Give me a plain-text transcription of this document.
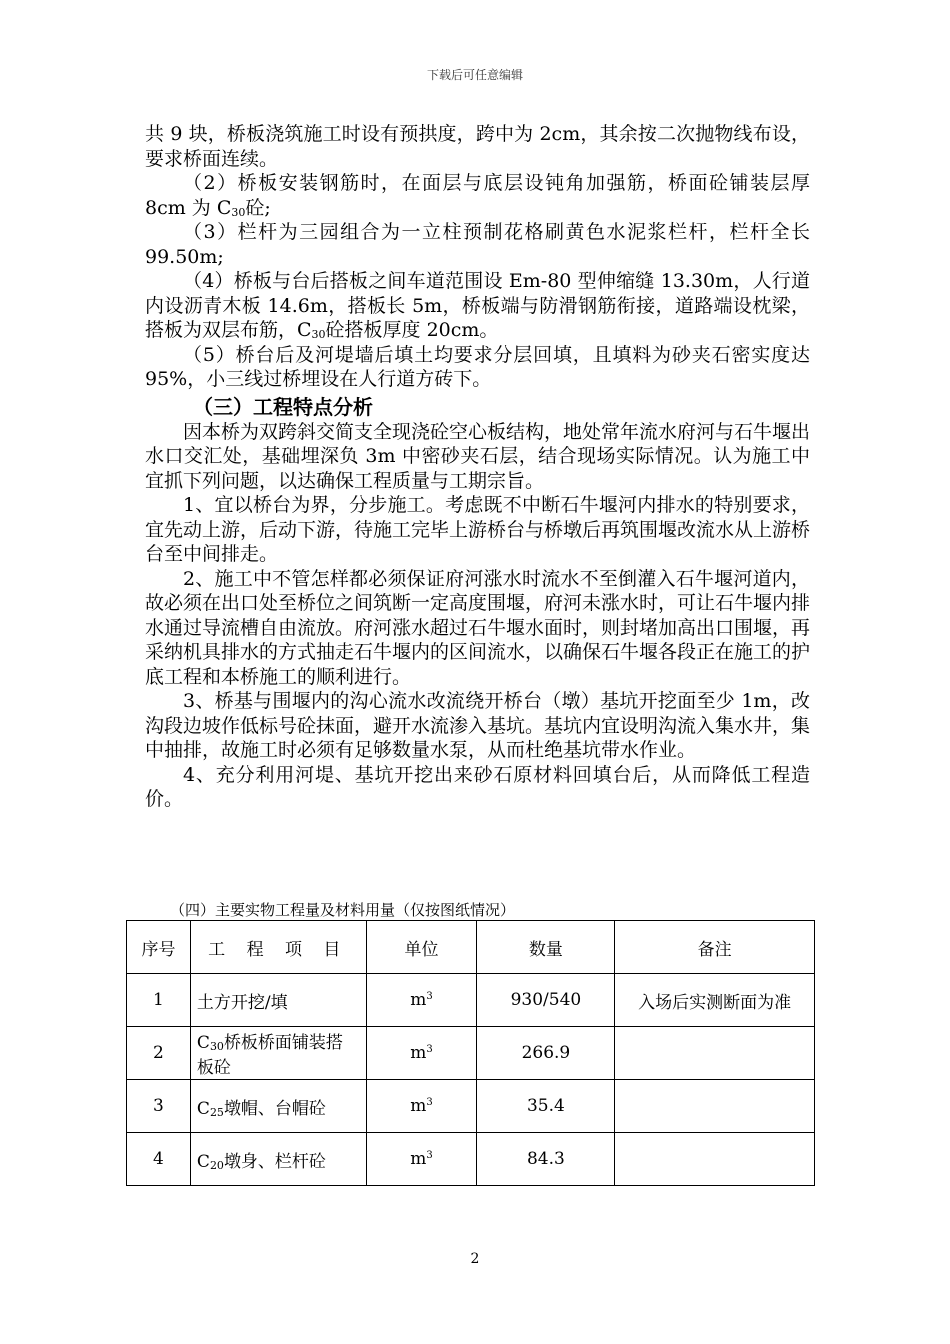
下载后可任意编辑

共 9 块，桥板浇筑施工时设有预拱度，跨中为 2cm，其余按二次抛物线布设，要求桥面连续。

（2）桥板安装钢筋时，在面层与底层设钝角加强筋，桥面砼铺装层厚 8cm 为 $C_{30}$砼;

（3）栏杆为三园组合为一立柱预制花格刷黄色水泥浆栏杆，栏杆全长 99.50m;

（4）桥板与台后搭板之间车道范围设 Em-80 型伸缩缝 13.30m，人行道内设沥青木板 14.6m，搭板长 5m，桥板端与防滑钢筋衔接，道路端设枕梁，搭板为双层布筋，$C_{30}$砼搭板厚度 20cm。

（5）桥台后及河堤墙后填土均要求分层回填，且填料为砂夹石密实度达 95%，小三线过桥埋设在人行道方砖下。

（三）工程特点分析

因本桥为双跨斜交简支全现浇砼空心板结构，地处常年流水府河与石牛堰出水口交汇处，基础埋深负 3m 中密砂夹石层，结合现场实际情况。认为施工中宜抓下列问题，以达确保工程质量与工期宗旨。

1、宜以桥台为界，分步施工。考虑既不中断石牛堰河内排水的特别要求，宜先动上游，后动下游，待施工完毕上游桥台与桥墩后再筑围堰改流水从上游桥台至中间排走。

2、施工中不管怎样都必须保证府河涨水时流水不至倒灌入石牛堰河道内，故必须在出口处至桥位之间筑断一定高度围堰，府河未涨水时，可让石牛堰内排水通过导流槽自由流放。府河涨水超过石牛堰水面时，则封堵加高出口围堰，再采纳机具排水的方式抽走石牛堰内的区间流水，以确保石牛堰各段正在施工的护底工程和本桥施工的顺利进行。

3、桥基与围堰内的沟心流水改流绕开桥台（墩）基坑开挖面至少 1m，改沟段边坡作低标号砼抹面，避开水流渗入基坑。基坑内宜设明沟流入集水井，集中抽排，故施工时必须有足够数量水泵，从而杜绝基坑带水作业。

4、充分利用河堤、基坑开挖出来砂石原材料回填台后，从而降低工程造价。

（四）主要实物工程量及材料用量（仅按图纸情况）
序号	工 程 项 目	单位	数量	备注
1	土方开挖/填	$m^3$	930/540	入场后实测断面为准
2	$C_{30}$桥板桥面铺装搭板砼	$m^3$	266.9	
3	$C_{25}$墩帽、台帽砼	$m^3$	35.4	
4	$C_{20}$墩身、栏杆砼	$m^3$	84.3	
2
